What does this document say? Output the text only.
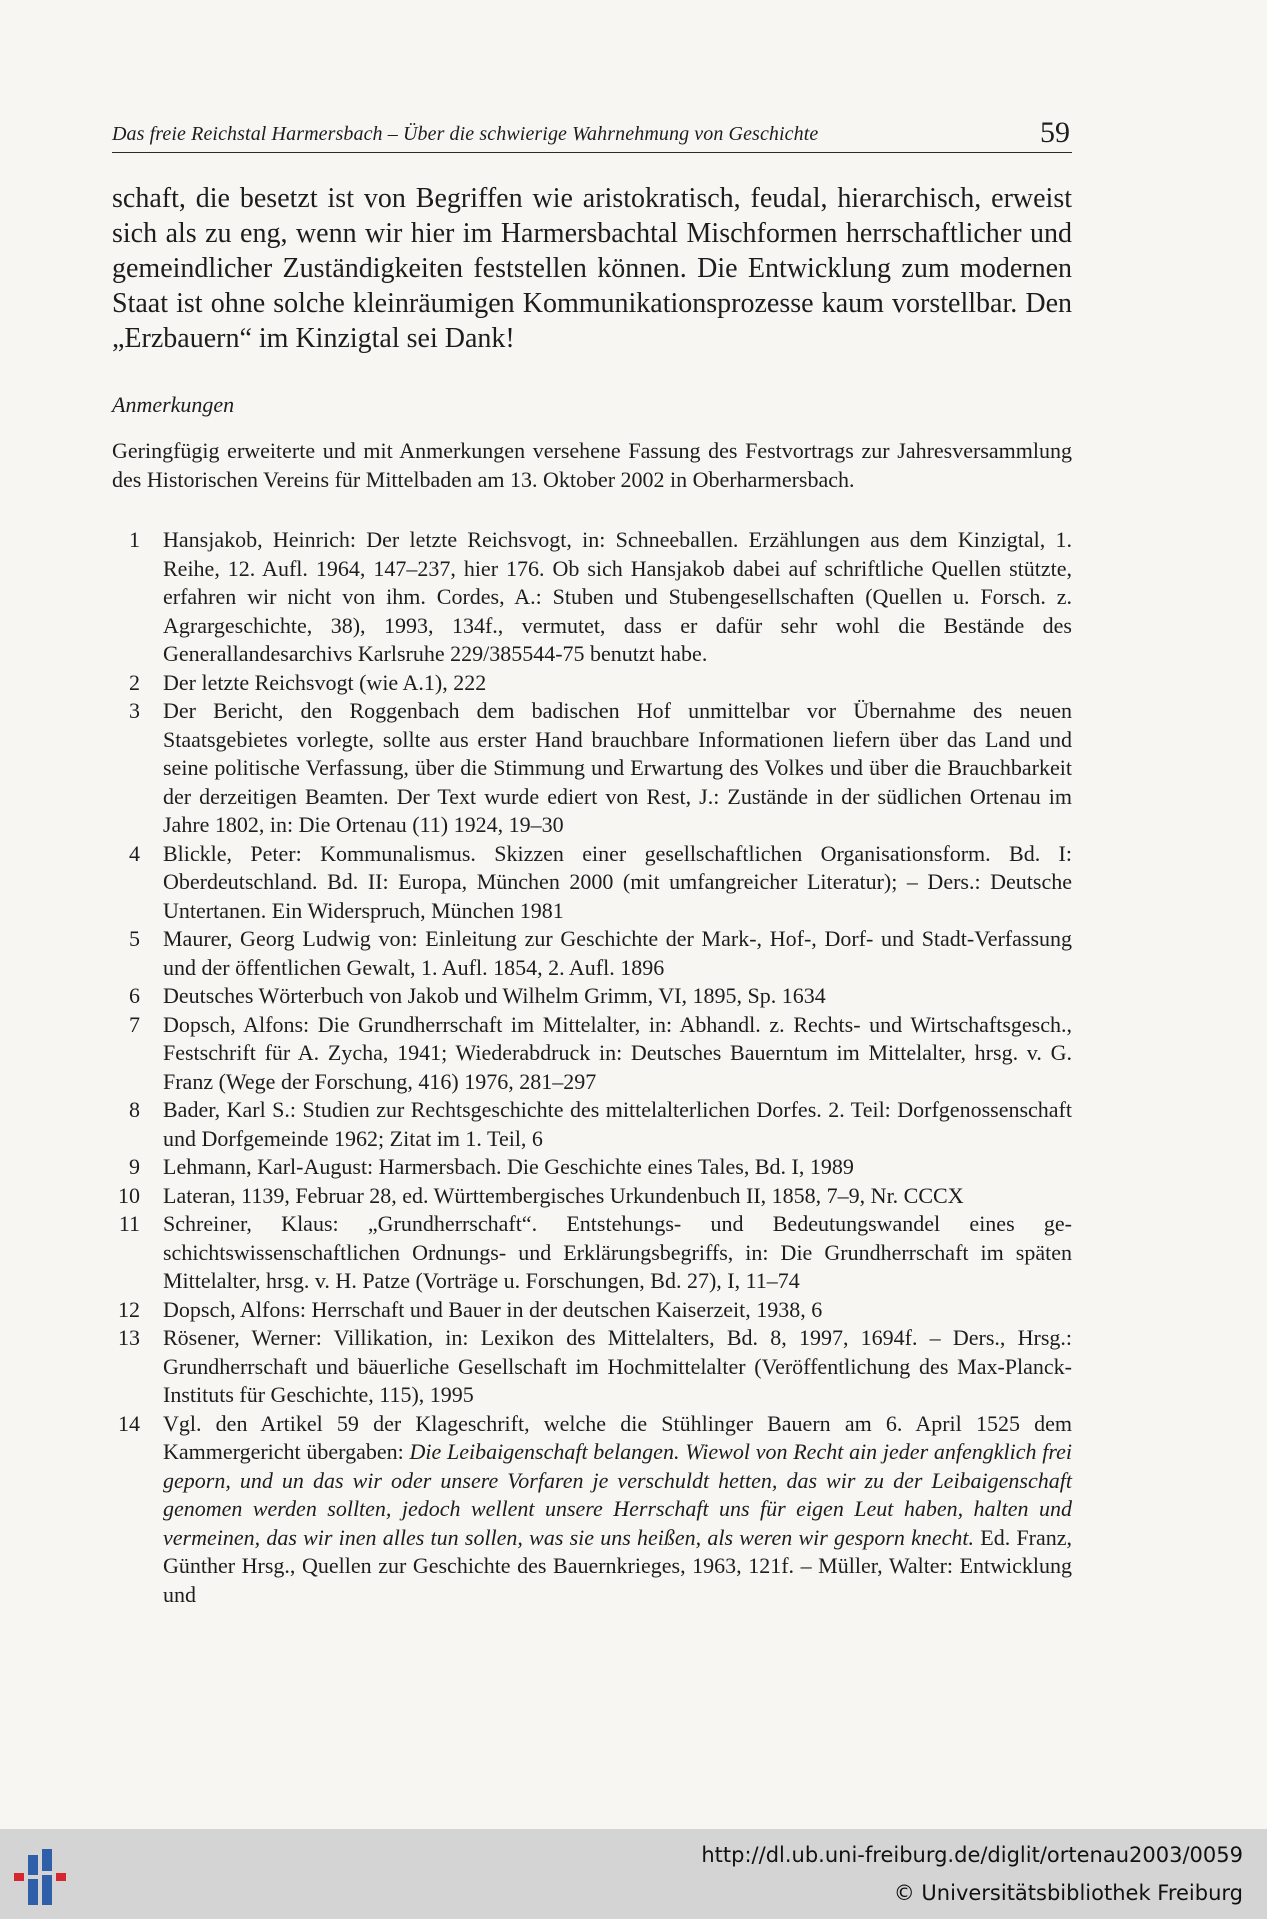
Das freie Reichstal Harmersbach – Über die schwierige Wahrnehmung von Geschichte	59

schaft, die besetzt ist von Begriffen wie aristokratisch, feudal, hierarchisch, erweist sich als zu eng, wenn wir hier im Harmersbachtal Mischformen herrschaftlicher und gemeindlicher Zuständigkeiten feststellen können. Die Entwicklung zum modernen Staat ist ohne solche kleinräumigen Kommunikationsprozesse kaum vorstellbar. Den „Erzbauern“ im Kinzigtal sei Dank!

Anmerkungen

Geringfügig erweiterte und mit Anmerkungen versehene Fassung des Festvortrags zur Jahresversammlung des Historischen Vereins für Mittelbaden am 13. Oktober 2002 in Oberharmersbach.

1 Hansjakob, Heinrich: Der letzte Reichsvogt, in: Schneeballen. Erzählungen aus dem Kinzigtal, 1. Reihe, 12. Aufl. 1964, 147–237, hier 176. Ob sich Hansjakob dabei auf schriftliche Quellen stützte, erfahren wir nicht von ihm. Cordes, A.: Stuben und Stubengesellschaften (Quellen u. Forsch. z. Agrargeschichte, 38), 1993, 134f., vermutet, dass er dafür sehr wohl die Bestände des Generallandesarchivs Karlsruhe 229/385544-75 benutzt habe.
2 Der letzte Reichsvogt (wie A.1), 222
3 Der Bericht, den Roggenbach dem badischen Hof unmittelbar vor Übernahme des neuen Staatsgebietes vorlegte, sollte aus erster Hand brauchbare Informationen liefern über das Land und seine politische Verfassung, über die Stimmung und Erwartung des Volkes und über die Brauchbarkeit der derzeitigen Beamten. Der Text wurde ediert von Rest, J.: Zustände in der südlichen Ortenau im Jahre 1802, in: Die Ortenau (11) 1924, 19–30
4 Blickle, Peter: Kommunalismus. Skizzen einer gesellschaftlichen Organisationsform. Bd. I: Oberdeutschland. Bd. II: Europa, München 2000 (mit umfangreicher Literatur); – Ders.: Deutsche Untertanen. Ein Widerspruch, München 1981
5 Maurer, Georg Ludwig von: Einleitung zur Geschichte der Mark-, Hof-, Dorf- und Stadt-Verfassung und der öffentlichen Gewalt, 1. Aufl. 1854, 2. Aufl. 1896
6 Deutsches Wörterbuch von Jakob und Wilhelm Grimm, VI, 1895, Sp. 1634
7 Dopsch, Alfons: Die Grundherrschaft im Mittelalter, in: Abhandl. z. Rechts- und Wirtschaftsgesch., Festschrift für A. Zycha, 1941; Wiederabdruck in: Deutsches Bauerntum im Mittelalter, hrsg. v. G. Franz (Wege der Forschung, 416) 1976, 281–297
8 Bader, Karl S.: Studien zur Rechtsgeschichte des mittelalterlichen Dorfes. 2. Teil: Dorfgenossenschaft und Dorfgemeinde 1962; Zitat im 1. Teil, 6
9 Lehmann, Karl-August: Harmersbach. Die Geschichte eines Tales, Bd. I, 1989
10 Lateran, 1139, Februar 28, ed. Württembergisches Urkundenbuch II, 1858, 7–9, Nr. CCCX
11 Schreiner, Klaus: „Grundherrschaft“. Entstehungs- und Bedeutungswandel eines geschichtswissenschaftlichen Ordnungs- und Erklärungsbegriffs, in: Die Grundherrschaft im späten Mittelalter, hrsg. v. H. Patze (Vorträge u. Forschungen, Bd. 27), I, 11–74
12 Dopsch, Alfons: Herrschaft und Bauer in der deutschen Kaiserzeit, 1938, 6
13 Rösener, Werner: Villikation, in: Lexikon des Mittelalters, Bd. 8, 1997, 1694f. – Ders., Hrsg.: Grundherrschaft und bäuerliche Gesellschaft im Hochmittelalter (Veröffentlichung des Max-Planck-Instituts für Geschichte, 115), 1995
14 Vgl. den Artikel 59 der Klageschrift, welche die Stühlinger Bauern am 6. April 1525 dem Kammergericht übergaben: Die Leibaigenschaft belangen. Wiewol von Recht ain jeder anfengklich frei geporn, und un das wir oder unsere Vorfaren je verschuldt hetten, das wir zu der Leibaigenschaft genomen werden sollten, jedoch wellent unsere Herrschaft uns für eigen Leut haben, halten und vermeinen, das wir inen alles tun sollen, was sie uns heißen, als weren wir gesporn knecht. Ed. Franz, Günther Hrsg., Quellen zur Geschichte des Bauernkrieges, 1963, 121f. – Müller, Walter: Entwicklung und
http://dl.ub.uni-freiburg.de/diglit/ortenau2003/0059
© Universitätsbibliothek Freiburg
